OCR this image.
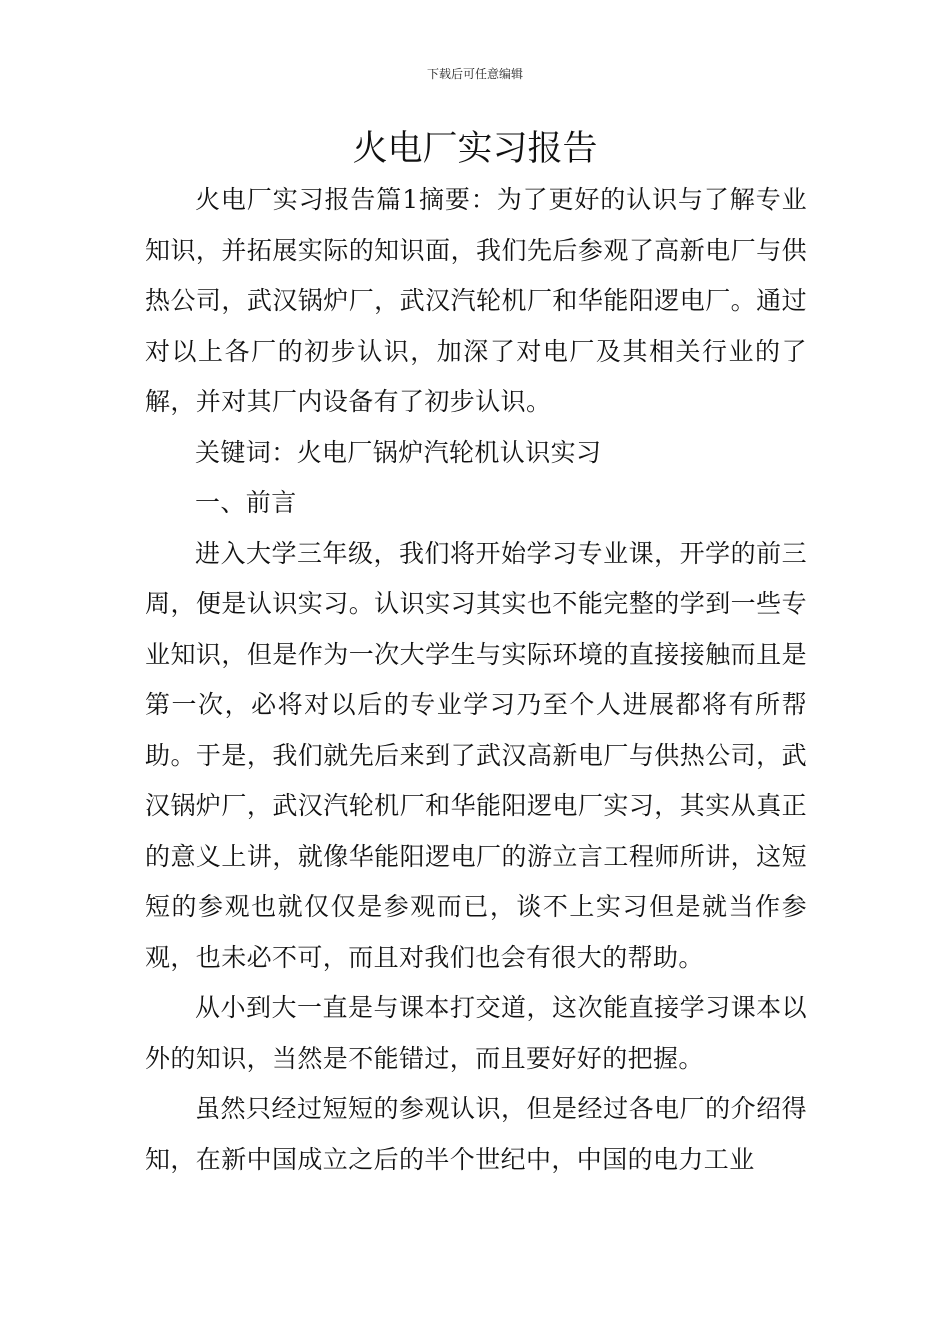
下载后可任意编辑
火电厂实习报告

火电厂实习报告篇1摘要：为了更好的认识与了解专业知识，并拓展实际的知识面，我们先后参观了高新电厂与供热公司，武汉锅炉厂，武汉汽轮机厂和华能阳逻电厂。通过对以上各厂的初步认识，加深了对电厂及其相关行业的了解，并对其厂内设备有了初步认识。

关键词：火电厂锅炉汽轮机认识实习

一、前言

进入大学三年级，我们将开始学习专业课，开学的前三周，便是认识实习。认识实习其实也不能完整的学到一些专业知识，但是作为一次大学生与实际环境的直接接触而且是第一次，必将对以后的专业学习乃至个人进展都将有所帮助。于是，我们就先后来到了武汉高新电厂与供热公司，武汉锅炉厂，武汉汽轮机厂和华能阳逻电厂实习，其实从真正的意义上讲，就像华能阳逻电厂的游立言工程师所讲，这短短的参观也就仅仅是参观而已，谈不上实习但是就当作参观，也未必不可，而且对我们也会有很大的帮助。

从小到大一直是与课本打交道，这次能直接学习课本以外的知识，当然是不能错过，而且要好好的把握。

虽然只经过短短的参观认识，但是经过各电厂的介绍得知，在新中国成立之后的半个世纪中，中国的电力工业
